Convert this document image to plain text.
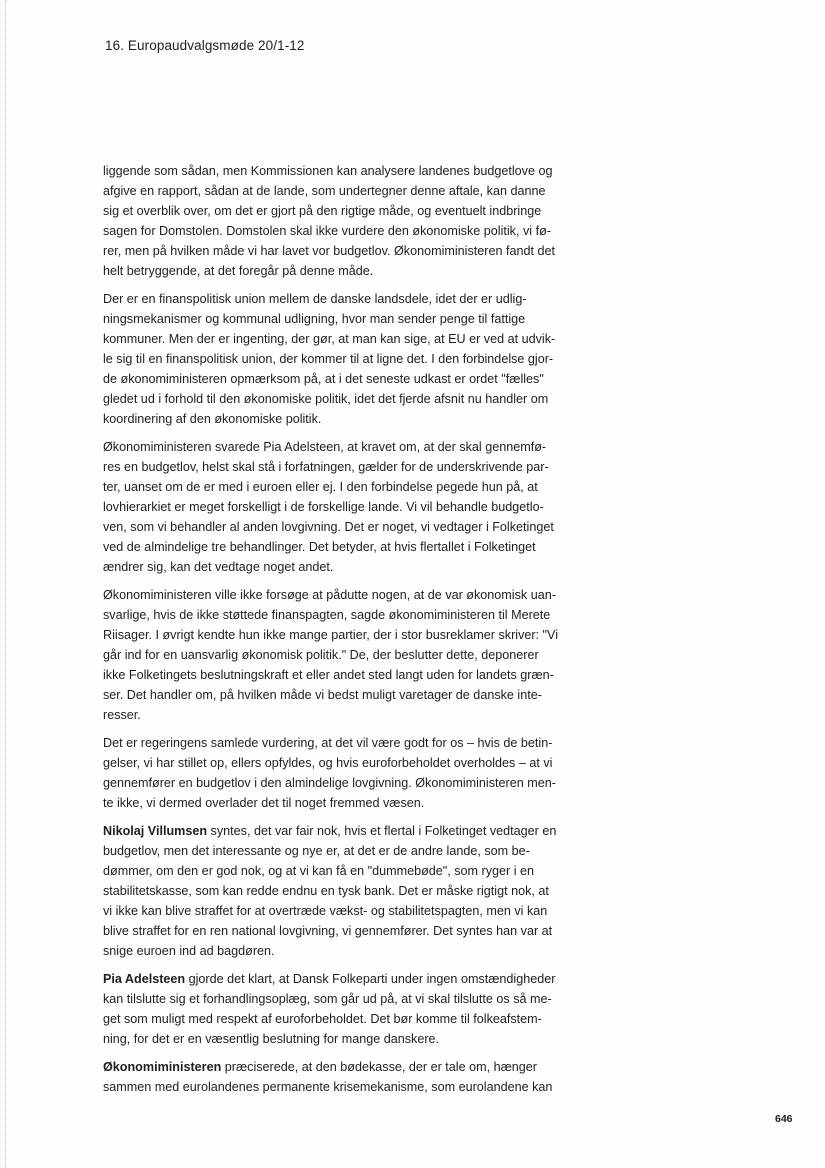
16. Europaudvalgsmøde 20/1-12

liggende som sådan, men Kommissionen kan analysere landenes budgetlove og
afgive en rapport, sådan at de lande, som undertegner denne aftale, kan danne
sig et overblik over, om det er gjort på den rigtige måde, og eventuelt indbringe
sagen for Domstolen. Domstolen skal ikke vurdere den økonomiske politik, vi fø-
rer, men på hvilken måde vi har lavet vor budgetlov. Økonomiministeren fandt det
helt betryggende, at det foregår på denne måde.

Der er en finanspolitisk union mellem de danske landsdele, idet der er udlig-
ningsmekanismer og kommunal udligning, hvor man sender penge til fattige
kommuner. Men der er ingenting, der gør, at man kan sige, at EU er ved at udvik-
le sig til en finanspolitisk union, der kommer til at ligne det. I den forbindelse gjor-
de økonomiministeren opmærksom på, at i det seneste udkast er ordet "fælles"
gledet ud i forhold til den økonomiske politik, idet det fjerde afsnit nu handler om
koordinering af den økonomiske politik.

Økonomiministeren svarede Pia Adelsteen, at kravet om, at der skal gennemfø-
res en budgetlov, helst skal stå i forfatningen, gælder for de underskrivende par-
ter, uanset om de er med i euroen eller ej. I den forbindelse pegede hun på, at
lovhierarkiet er meget forskelligt i de forskellige lande. Vi vil behandle budgetlo-
ven, som vi behandler al anden lovgivning. Det er noget, vi vedtager i Folketinget
ved de almindelige tre behandlinger. Det betyder, at hvis flertallet i Folketinget
ændrer sig, kan det vedtage noget andet.

Økonomiministeren ville ikke forsøge at pådutte nogen, at de var økonomisk uan-
svarlige, hvis de ikke støttede finanspagten, sagde økonomiministeren til Merete
Riisager. I øvrigt kendte hun ikke mange partier, der i stor busreklamer skriver: "Vi
går ind for en uansvarlig økonomisk politik." De, der beslutter dette, deponerer
ikke Folketingets beslutningskraft et eller andet sted langt uden for landets græn-
ser. Det handler om, på hvilken måde vi bedst muligt varetager de danske inte-
resser.

Det er regeringens samlede vurdering, at det vil være godt for os – hvis de betin-
gelser, vi har stillet op, ellers opfyldes, og hvis euroforbeholdet overholdes – at vi
gennemfører en budgetlov i den almindelige lovgivning. Økonomiministeren men-
te ikke, vi dermed overlader det til noget fremmed væsen.

Nikolaj Villumsen syntes, det var fair nok, hvis et flertal i Folketinget vedtager en
budgetlov, men det interessante og nye er, at det er de andre lande, som be-
dømmer, om den er god nok, og at vi kan få en "dummebøde", som ryger i en
stabilitetskasse, som kan redde endnu en tysk bank. Det er måske rigtigt nok, at
vi ikke kan blive straffet for at overtræde vækst- og stabilitetspagten, men vi kan
blive straffet for en ren national lovgivning, vi gennemfører. Det syntes han var at
snige euroen ind ad bagdøren.

Pia Adelsteen gjorde det klart, at Dansk Folkeparti under ingen omstændigheder
kan tilslutte sig et forhandlingsoplæg, som går ud på, at vi skal tilslutte os så me-
get som muligt med respekt af euroforbeholdet. Det bør komme til folkeafstem-
ning, for det er en væsentlig beslutning for mange danskere.

Økonomiministeren præciserede, at den bødekasse, der er tale om, hænger
sammen med eurolandenes permanente krisemekanisme, som eurolandene kan

646
